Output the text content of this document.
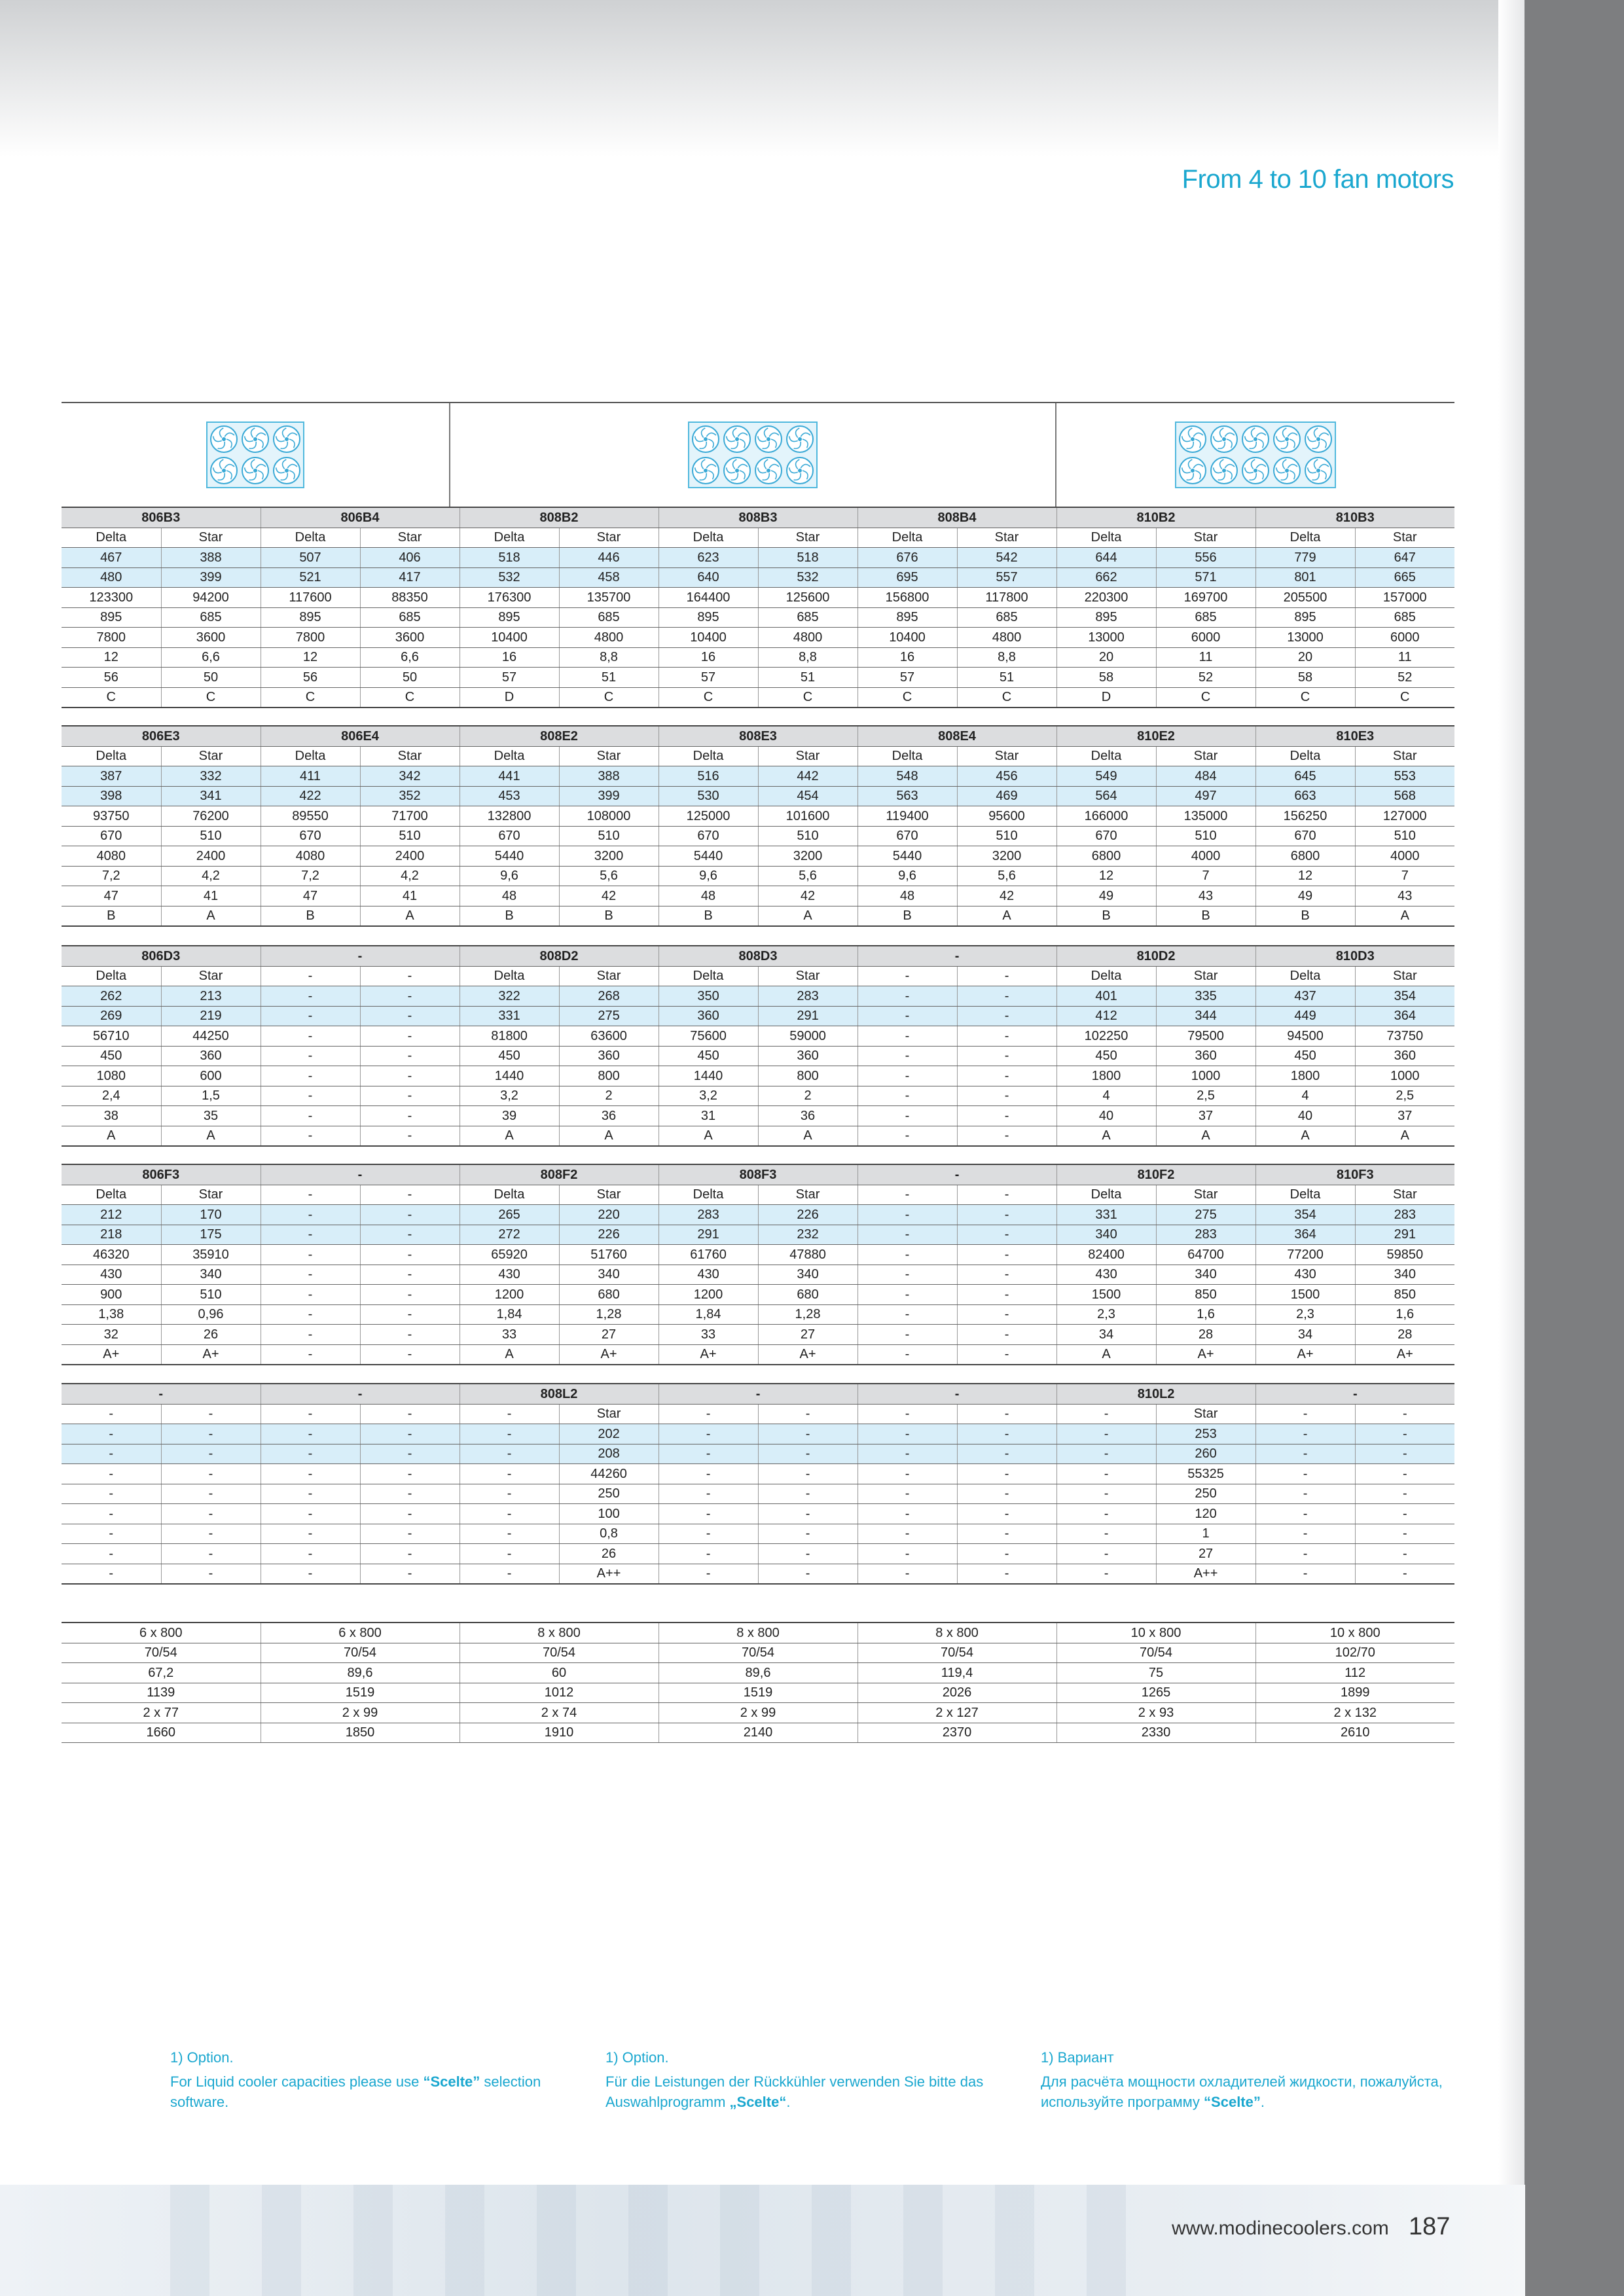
From 4 to 10 fan motors
806B3		806B4		808B2		808B3		808B4		810B2		810B3	
Delta	Star	Delta	Star	Delta	Star	Delta	Star	Delta	Star	Delta	Star	Delta	Star
467	388	507	406	518	446	623	518	676	542	644	556	779	647
480	399	521	417	532	458	640	532	695	557	662	571	801	665
123300	94200	117600	88350	176300	135700	164400	125600	156800	117800	220300	169700	205500	157000
895	685	895	685	895	685	895	685	895	685	895	685	895	685
7800	3600	7800	3600	10400	4800	10400	4800	10400	4800	13000	6000	13000	6000
12	6,6	12	6,6	16	8,8	16	8,8	16	8,8	20	11	20	11
56	50	56	50	57	51	57	51	57	51	58	52	58	52
C	C	C	C	D	C	C	C	C	C	D	C	C	C
806E3		806E4		808E2		808E3		808E4		810E2		810E3	
Delta	Star	Delta	Star	Delta	Star	Delta	Star	Delta	Star	Delta	Star	Delta	Star
387	332	411	342	441	388	516	442	548	456	549	484	645	553
398	341	422	352	453	399	530	454	563	469	564	497	663	568
93750	76200	89550	71700	132800	108000	125000	101600	119400	95600	166000	135000	156250	127000
670	510	670	510	670	510	670	510	670	510	670	510	670	510
4080	2400	4080	2400	5440	3200	5440	3200	5440	3200	6800	4000	6800	4000
7,2	4,2	7,2	4,2	9,6	5,6	9,6	5,6	9,6	5,6	12	7	12	7
47	41	47	41	48	42	48	42	48	42	49	43	49	43
B	A	B	A	B	B	B	A	B	A	B	B	B	A
806D3		-		808D2		808D3		-		810D2		810D3	
Delta	Star	-	-	Delta	Star	Delta	Star	-	-	Delta	Star	Delta	Star
262	213	-	-	322	268	350	283	-	-	401	335	437	354
269	219	-	-	331	275	360	291	-	-	412	344	449	364
56710	44250	-	-	81800	63600	75600	59000	-	-	102250	79500	94500	73750
450	360	-	-	450	360	450	360	-	-	450	360	450	360
1080	600	-	-	1440	800	1440	800	-	-	1800	1000	1800	1000
2,4	1,5	-	-	3,2	2	3,2	2	-	-	4	2,5	4	2,5
38	35	-	-	39	36	31	36	-	-	40	37	40	37
A	A	-	-	A	A	A	A	-	-	A	A	A	A
806F3		-		808F2		808F3		-		810F2		810F3	
Delta	Star	-	-	Delta	Star	Delta	Star	-	-	Delta	Star	Delta	Star
212	170	-	-	265	220	283	226	-	-	331	275	354	283
218	175	-	-	272	226	291	232	-	-	340	283	364	291
46320	35910	-	-	65920	51760	61760	47880	-	-	82400	64700	77200	59850
430	340	-	-	430	340	430	340	-	-	430	340	430	340
900	510	-	-	1200	680	1200	680	-	-	1500	850	1500	850
1,38	0,96	-	-	1,84	1,28	1,84	1,28	-	-	2,3	1,6	2,3	1,6
32	26	-	-	33	27	33	27	-	-	34	28	34	28
A+	A+	-	-	A	A+	A+	A+	-	-	A	A+	A+	A+
-		-		808L2		-		-		810L2		-	
-	-	-	-	-	Star	-	-	-	-	-	Star	-	-
-	-	-	-	-	202	-	-	-	-	-	253	-	-
-	-	-	-	-	208	-	-	-	-	-	260	-	-
-	-	-	-	-	44260	-	-	-	-	-	55325	-	-
-	-	-	-	-	250	-	-	-	-	-	250	-	-
-	-	-	-	-	100	-	-	-	-	-	120	-	-
-	-	-	-	-	0,8	-	-	-	-	-	1	-	-
-	-	-	-	-	26	-	-	-	-	-	27	-	-
-	-	-	-	-	A++	-	-	-	-	-	A++	-	-
6 x 800	6 x 800	8 x 800	8 x 800	8 x 800	10 x 800	10 x 800
70/54	70/54	70/54	70/54	70/54	70/54	102/70
67,2	89,6	60	89,6	119,4	75	112
1139	1519	1012	1519	2026	1265	1899
2 x 77	2 x 99	2 x 74	2 x 99	2 x 127	2 x 93	2 x 132
1660	1850	1910	2140	2370	2330	2610

1) Option.

For Liquid cooler capacities please use “Scelte” selection software.

1) Option.

Für die Leistungen der Rückkühler verwenden Sie bitte das Auswahlprogramm „Scelte“.

1) Вариант

Для расчёта мощности охладителей жидкости, пожалуйста, используйте программу “Scelte”.

www.modinecoolers.com 187
